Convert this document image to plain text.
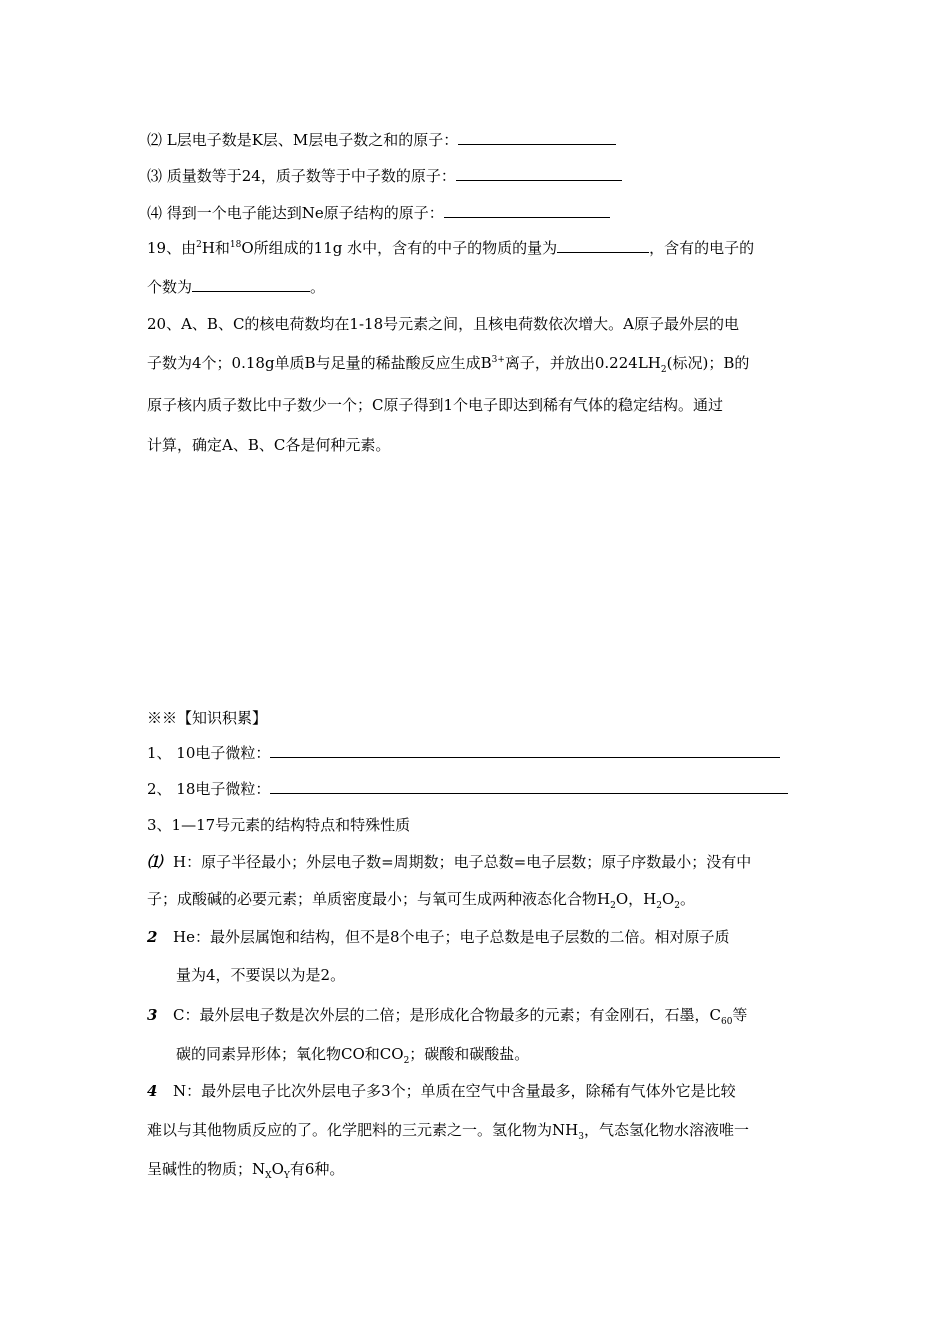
⑵ L层电子数是K层、M层电子数之和的原子：
⑶ 质量数等于24，质子数等于中子数的原子：
⑷ 得到一个电子能达到Ne原子结构的原子：
19、由$^2$H和$^{18}$O所组成的11g 水中，含有的中子的物质的量为	，含有的电子的
个数为	。
20、A、B、C的核电荷数均在1-18号元素之间，且核电荷数依次增大。A原子最外层的电
子数为4个；0.18g单质B与足量的稀盐酸反应生成$B^{3+}$离子，并放出$0.224LH_2$(标况)；B的
原子核内质子数比中子数少一个；C原子得到1个电子即达到稀有气体的稳定结构。通过
计算，确定A、B、C各是何种元素。
※※【知识积累】
1、 10电子微粒：
2、 18电子微粒：
3、1—17号元素的结构特点和特殊性质
⑴ H：原子半径最小；外层电子数=周期数；电子总数=电子层数；原子序数最小；没有中
子；成酸碱的必要元素；单质密度最小；与氧可生成两种液态化合物$H_2O$，$H_2O_2$。
2 He：最外层属饱和结构，但不是8个电子；电子总数是电子层数的二倍。相对原子质
量为4，不要误以为是2。
3 C：最外层电子数是次外层的二倍；是形成化合物最多的元素；有金刚石，石墨，$C_{60}$等
碳的同素异形体；氧化物CO和$CO_2$；碳酸和碳酸盐。
4 N：最外层电子比次外层电子多3个；单质在空气中含量最多，除稀有气体外它是比较
难以与其他物质反应的了。化学肥料的三元素之一。氢化物为$NH_3$，气态氢化物水溶液唯一
呈碱性的物质；$N_XO_Y$有6种。
